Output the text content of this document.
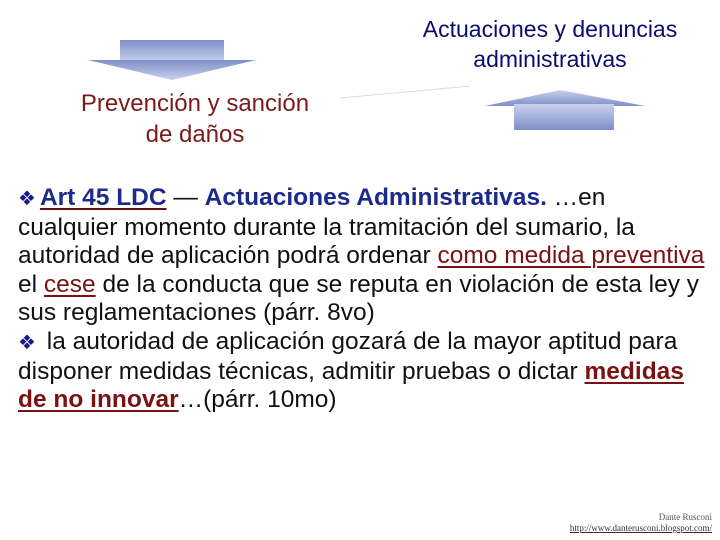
Actuaciones y denuncias
administrativas
Prevención y sanción
de daños

❖ Art 45 LDC — Actuaciones Administrativas. …en cualquier momento durante la tramitación del sumario, la autoridad de aplicación podrá ordenar como medida preventiva el cese de la conducta que se reputa en violación de esta ley y sus reglamentaciones (párr. 8vo)

❖ la autoridad de aplicación gozará de la mayor aptitud para disponer medidas técnicas, admitir pruebas o dictar medidas de no innovar…(párr. 10mo)

Dante Rusconi
http://www.danterusconi.blogspot.com/
